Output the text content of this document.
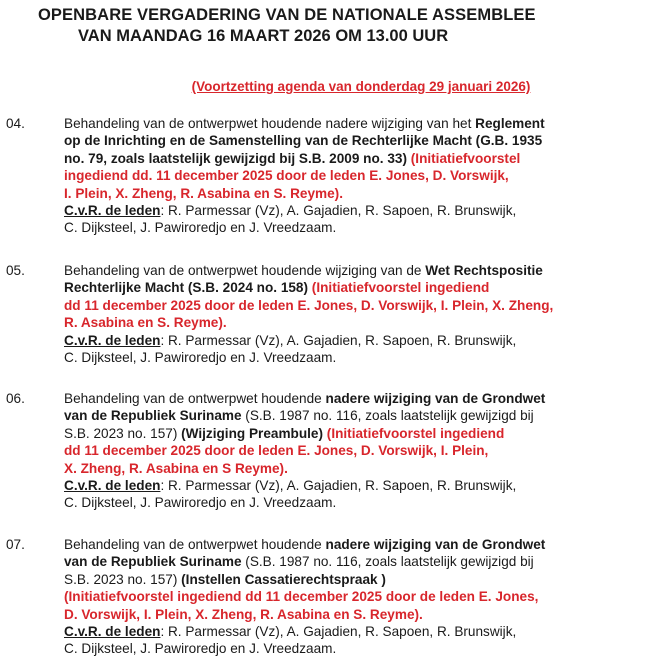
OPENBARE VERGADERING VAN DE NATIONALE ASSEMBLEE
VAN MAANDAG 16 MAART 2026 OM 13.00 UUR
(Voortzetting agenda van donderdag 29 januari 2026)
04.	Behandeling van de ontwerpwet houdende nadere wijziging van het Reglement
op de Inrichting en de Samenstelling van de Rechterlijke Macht (G.B. 1935
no. 79, zoals laatstelijk gewijzigd bij S.B. 2009 no. 33) (Initiatiefvoorstel
ingediend dd. 11 december 2025 door de leden E. Jones, D. Vorswijk,
I. Plein, X. Zheng, R. Asabina en S. Reyme).
C.v.R. de leden: R. Parmessar (Vz), A. Gajadien, R. Sapoen, R. Brunswijk,
C. Dijksteel, J. Pawiroredjo en J. Vreedzaam.
05.	Behandeling van de ontwerpwet houdende wijziging van de Wet Rechtspositie
Rechterlijke Macht (S.B. 2024 no. 158) (Initiatiefvoorstel ingediend
dd 11 december 2025 door de leden E. Jones, D. Vorswijk, I. Plein, X. Zheng,
R. Asabina en S. Reyme).
C.v.R. de leden: R. Parmessar (Vz), A. Gajadien, R. Sapoen, R. Brunswijk,
C. Dijksteel, J. Pawiroredjo en J. Vreedzaam.
06.	Behandeling van de ontwerpwet houdende nadere wijziging van de Grondwet
van de Republiek Suriname (S.B. 1987 no. 116, zoals laatstelijk gewijzigd bij
S.B. 2023 no. 157) (Wijziging Preambule) (Initiatiefvoorstel ingediend
dd 11 december 2025 door de leden E. Jones, D. Vorswijk, I. Plein,
X. Zheng, R. Asabina en S Reyme).
C.v.R. de leden: R. Parmessar (Vz), A. Gajadien, R. Sapoen, R. Brunswijk,
C. Dijksteel, J. Pawiroredjo en J. Vreedzaam.
07.	Behandeling van de ontwerpwet houdende nadere wijziging van de Grondwet
van de Republiek Suriname (S.B. 1987 no. 116, zoals laatstelijk gewijzigd bij
S.B. 2023 no. 157) (Instellen Cassatierechtspraak )
(Initiatiefvoorstel ingediend dd 11 december 2025 door de leden E. Jones,
D. Vorswijk, I. Plein, X. Zheng, R. Asabina en S. Reyme).
C.v.R. de leden: R. Parmessar (Vz), A. Gajadien, R. Sapoen, R. Brunswijk,
C. Dijksteel, J. Pawiroredjo en J. Vreedzaam.
